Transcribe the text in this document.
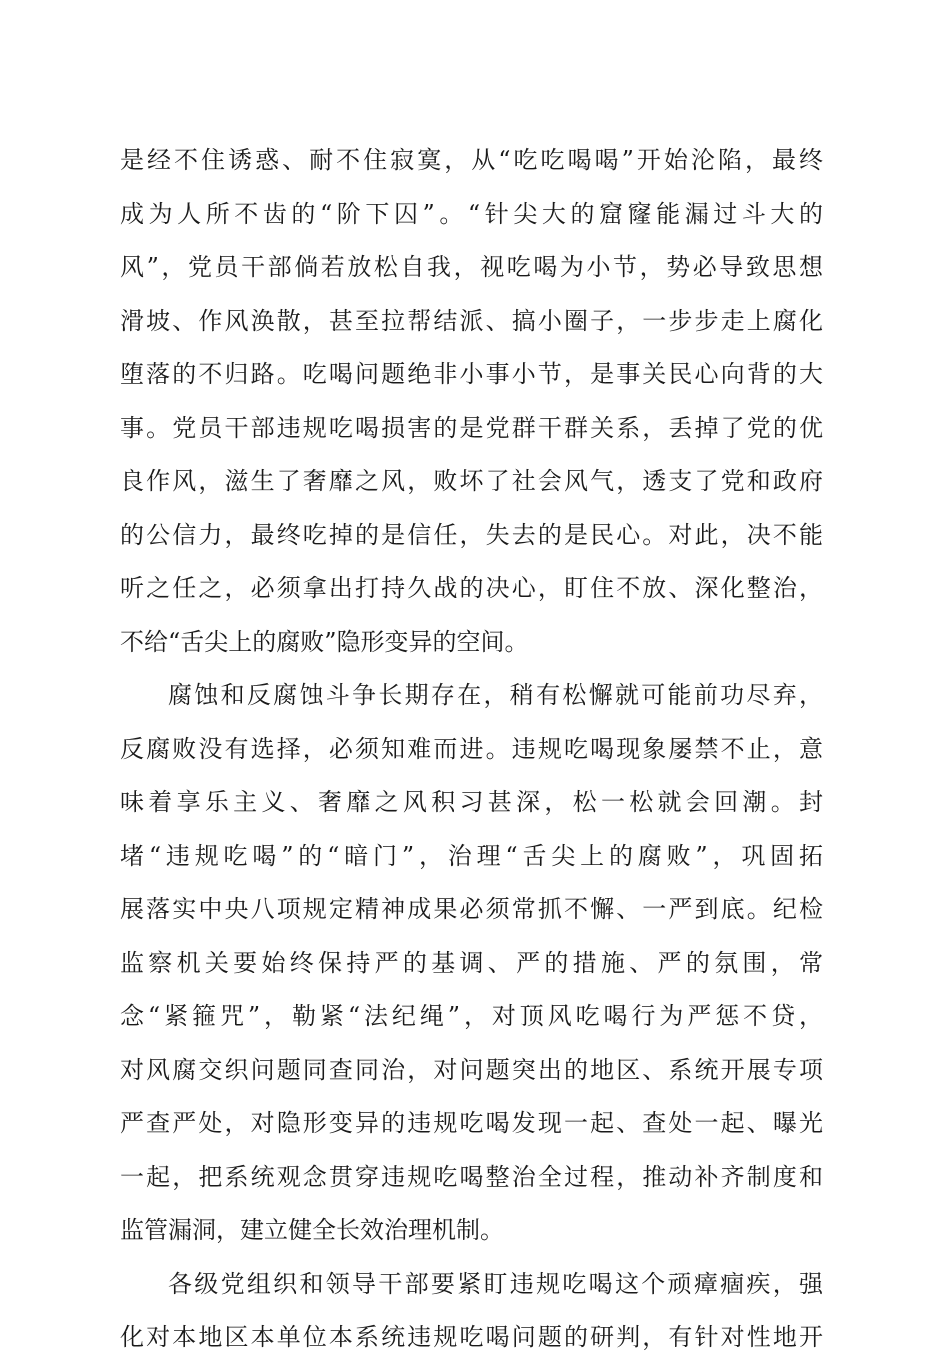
是经不住诱惑、耐不住寂寞，从“吃吃喝喝”开始沦陷，最终
成为人所不齿的“阶下囚”。“针尖大的窟窿能漏过斗大的
风”，党员干部倘若放松自我，视吃喝为小节，势必导致思想
滑坡、作风涣散，甚至拉帮结派、搞小圈子，一步步走上腐化
堕落的不归路。吃喝问题绝非小事小节，是事关民心向背的大
事。党员干部违规吃喝损害的是党群干群关系，丢掉了党的优
良作风，滋生了奢靡之风，败坏了社会风气，透支了党和政府
的公信力，最终吃掉的是信任，失去的是民心。对此，决不能
听之任之，必须拿出打持久战的决心，盯住不放、深化整治，
不给“舌尖上的腐败”隐形变异的空间。
腐蚀和反腐蚀斗争长期存在，稍有松懈就可能前功尽弃，
反腐败没有选择，必须知难而进。违规吃喝现象屡禁不止，意
味着享乐主义、奢靡之风积习甚深，松一松就会回潮。封
堵“违规吃喝”的“暗门”，治理“舌尖上的腐败”，巩固拓
展落实中央八项规定精神成果必须常抓不懈、一严到底。纪检
监察机关要始终保持严的基调、严的措施、严的氛围，常
念“紧箍咒”，勒紧“法纪绳”，对顶风吃喝行为严惩不贷，
对风腐交织问题同查同治，对问题突出的地区、系统开展专项
严查严处，对隐形变异的违规吃喝发现一起、查处一起、曝光
一起，把系统观念贯穿违规吃喝整治全过程，推动补齐制度和
监管漏洞，建立健全长效治理机制。
各级党组织和领导干部要紧盯违规吃喝这个顽瘴痼疾，强
化对本地区本单位本系统违规吃喝问题的研判，有针对性地开
